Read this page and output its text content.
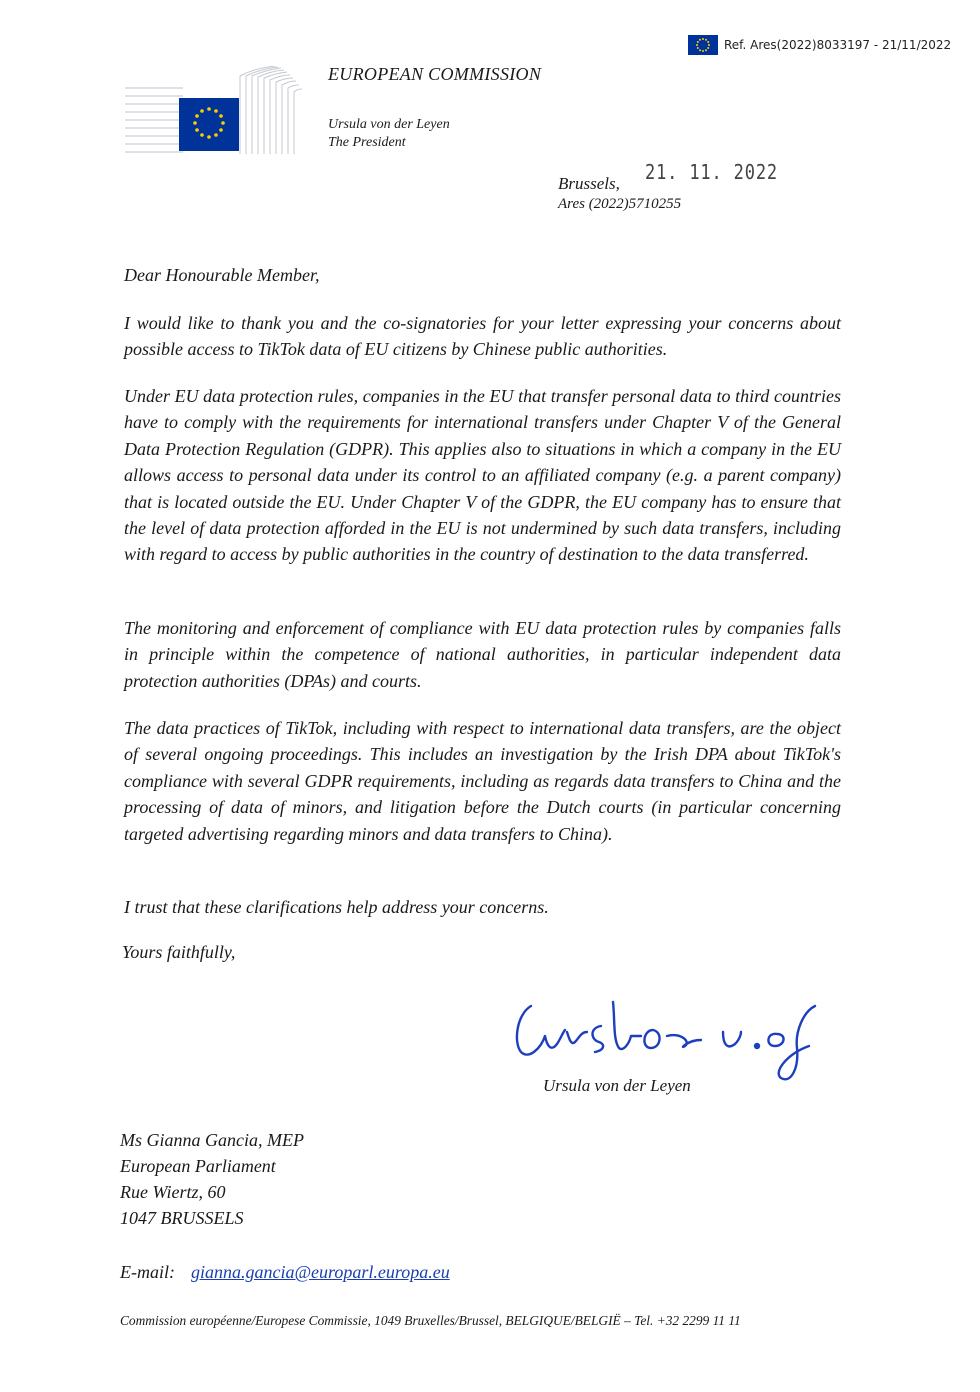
Ref. Ares(2022)8033197 - 21/11/2022
EUROPEAN COMMISSION
Ursula von der Leyen
The President
Brussels, 21. 11. 2022
Ares (2022)5710255
Dear Honourable Member,

I would like to thank you and the co-signatories for your letter expressing your concerns about possible access to TikTok data of EU citizens by Chinese public authorities.

Under EU data protection rules, companies in the EU that transfer personal data to third countries have to comply with the requirements for international transfers under Chapter V of the General Data Protection Regulation (GDPR). This applies also to situations in which a company in the EU allows access to personal data under its control to an affiliated company (e.g. a parent company) that is located outside the EU. Under Chapter V of the GDPR, the EU company has to ensure that the level of data protection afforded in the EU is not undermined by such data transfers, including with regard to access by public authorities in the country of destination to the data transferred.

The monitoring and enforcement of compliance with EU data protection rules by companies falls in principle within the competence of national authorities, in particular independent data protection authorities (DPAs) and courts.

The data practices of TikTok, including with respect to international data transfers, are the object of several ongoing proceedings. This includes an investigation by the Irish DPA about TikTok's compliance with several GDPR requirements, including as regards data transfers to China and the processing of data of minors, and litigation before the Dutch courts (in particular concerning targeted advertising regarding minors and data transfers to China).

I trust that these clarifications help address your concerns.

Yours faithfully,
Ursula von der Leyen
Ms Gianna Gancia, MEP
European Parliament
Rue Wiertz, 60
1047 BRUSSELS
E-mail: gianna.gancia@europarl.europa.eu
Commission européenne/Europese Commissie, 1049 Bruxelles/Brussel, BELGIQUE/BELGIË – Tel. +32 2299 11 11
